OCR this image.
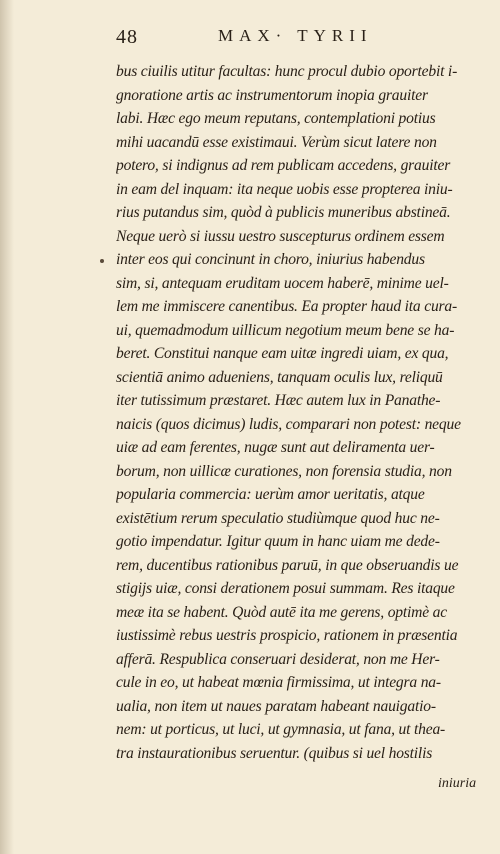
48	MAX· TYRII
bus ciuilis utitur facultas: hunc procul dubio oportebit i-
gnoratione artis ac instrumentorum inopia grauiter
labi. Hæc ego meum reputans, contemplationi potius
mihi uacandū esse existimaui. Verùm sicut latere non
potero, si indignus ad rem publicam accedens, grauiter
in eam del inquam: ita neque uobis esse propterea iniu-
rius putandus sim, quòd à publicis muneribus abstineā.
Neque uerò si iussu uestro suscepturus ordinem essem
inter eos qui concinunt in choro, iniurius habendus
sim, si, antequam eruditam uocem haberē, minime uel-
lem me immiscere canentibus. Ea propter haud ita cura-
ui, quemadmodum uillicum negotium meum bene se ha-
beret. Constitui nanque eam uitæ ingredi uiam, ex qua,
scientiā animo adueniens, tanquam oculis lux, reliquū
iter tutissimum præstaret. Hæc autem lux in Panathe-
naicis (quos dicimus) ludis, comparari non potest: neque
uiæ ad eam ferentes, nugæ sunt aut deliramenta uer-
borum, non uillicæ curationes, non forensia studia, non
popularia commercia: uerùm amor ueritatis, atque
existētium rerum speculatio studiùmque quod huc ne-
gotio impendatur. Igitur quum in hanc uiam me dede-
rem, ducentibus rationibus paruū, in que obseruandis ue
stigijs uiæ, consi derationem posui summam. Res itaque
meæ ita se habent. Quòd autē ita me gerens, optimè ac
iustissimè rebus uestris prospicio, rationem in præsentia
afferā. Respublica conseruari desiderat, non me Her-
cule in eo, ut habeat mœnia firmissima, ut integra na-
ualia, non item ut naues paratam habeant nauigatio-
nem: ut porticus, ut luci, ut gymnasia, ut fana, ut thea-
tra instaurationibus seruentur. (quibus si uel hostilis
iniuria
